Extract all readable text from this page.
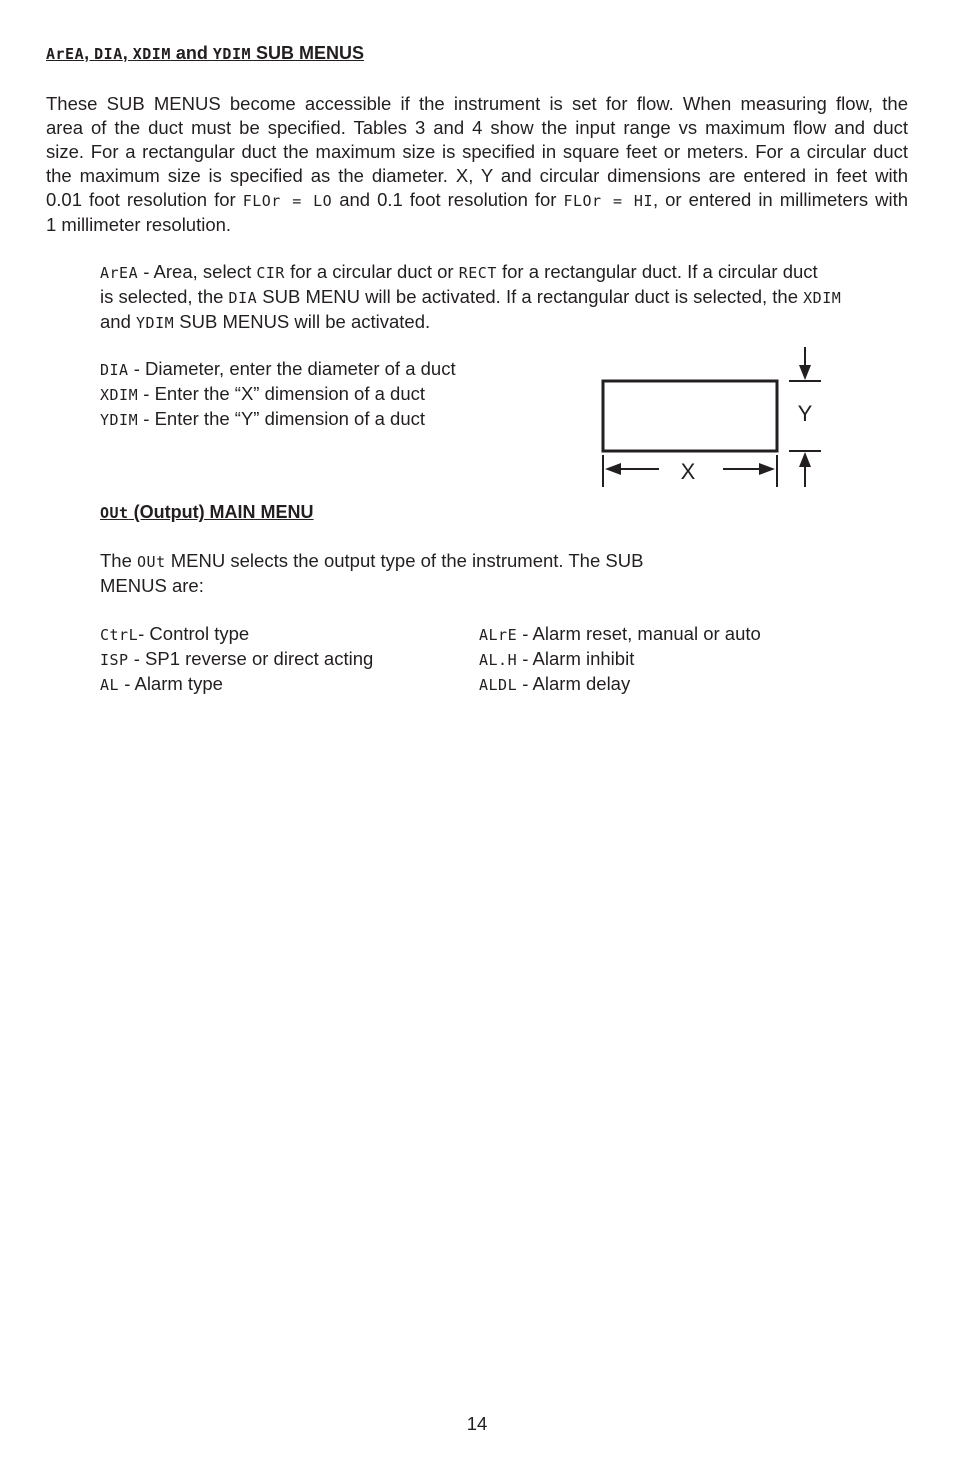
ArEA, DIA, XDIM and YDIM SUB MENUS
These SUB MENUS become accessible if the instrument is set for flow. When measuring flow, the
area of the duct must be specified. Tables 3 and 4 show the input range vs maximum flow and duct
size. For a rectangular duct the maximum size is specified in square feet or meters. For a circular duct
the maximum size is specified as the diameter. X, Y and circular dimensions are entered in feet with
0.01 foot resolution for FLOr = LO and 0.1 foot resolution for FLOr = HI, or entered in millimeters with
1 millimeter resolution.
ArEA - Area, select CIR for a circular duct or RECT for a rectangular duct. If a circular duct
is selected, the DIA SUB MENU will be activated. If a rectangular duct is selected, the XDIM
and YDIM SUB MENUS will be activated.
DIA - Diameter, enter the diameter of a duct
XDIM - Enter the “X” dimension of a duct
YDIM - Enter the “Y” dimension of a duct	Y
X
OUt (Output) MAIN MENU
The OUt MENU selects the output type of the instrument. The SUB
MENUS are:
CtrL- Control type
ISP - SP1 reverse or direct acting
AL - Alarm type
ALrE - Alarm reset, manual or auto
AL.H - Alarm inhibit
ALDL - Alarm delay
14
